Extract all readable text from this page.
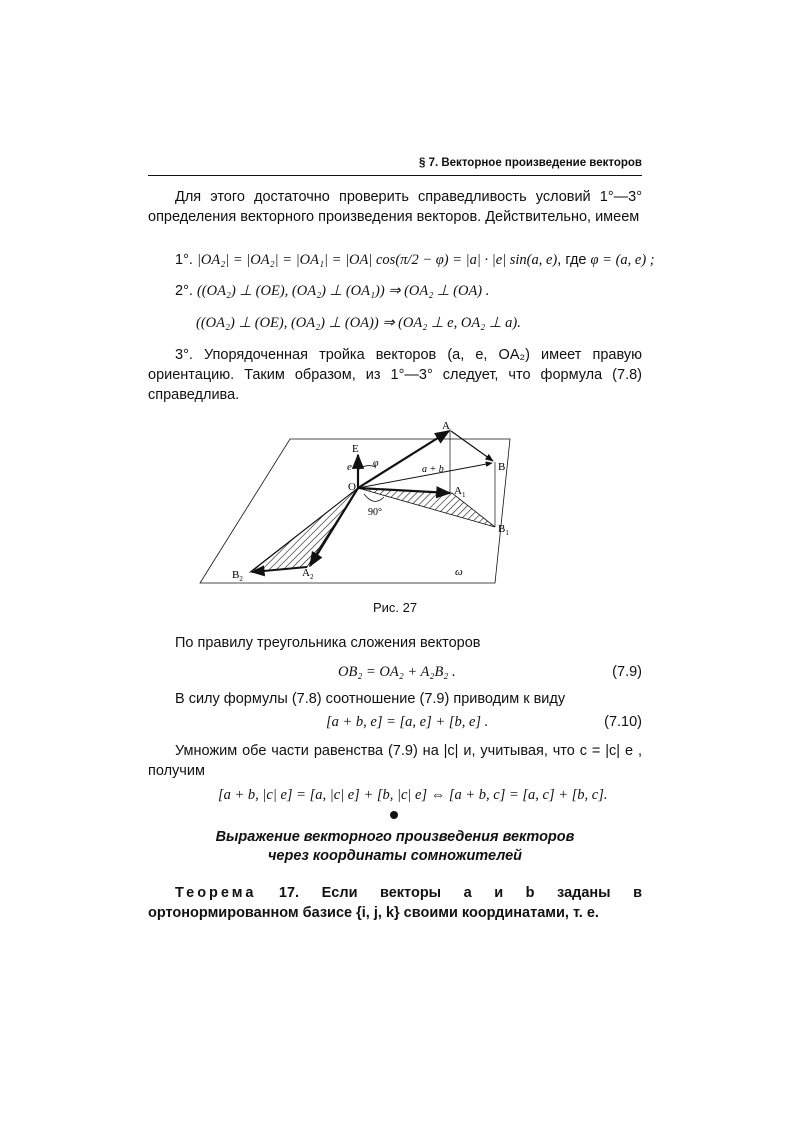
§ 7. Векторное произведение векторов
Для этого достаточно проверить справедливость условий 1°—3° определения векторного произведения векторов. Действительно, имеем
1°. |OA₂| = |OA₂| = |OA₁| = |OA| cos(π/2 − φ) = |a| · |e| sin(a, e), где φ = (a, e) ;
2°. ((OA₂) ⊥ (OE), (OA₂) ⊥ (OA₁)) ⇒ (OA₂ ⊥ (OA) .
((OA₂) ⊥ (OE), (OA₂) ⊥ (OA)) ⇒ (OA₂ ⊥ e, OA₂ ⊥ a).
3°. Упорядоченная тройка векторов (a, e, OA₂) имеет правую ориентацию. Таким образом, из 1°—3° следует, что формула (7.8) справедлива.
A
B
E
O	$A_1$
$B_1$
$A_2$
$B_2$
e φ
a + b
90°
ω
Рис. 27
По правилу треугольника сложения векторов
OB₂ = OA₂ + A₂B₂ .	(7.9)
В силу формулы (7.8) соотношение (7.9) приводим к виду
[a + b, e] = [a, e] + [b, e] .	(7.10)
Умножим обе части равенства (7.9) на |c| и, учитывая, что c = |c| e , получим
[a + b, |c| e] = [a, |c| e] + [b, |c| e] ⇔ [a + b, c] = [a, c] + [b, c].
Выражение векторного произведения векторов
через координаты сомножителей
Теорема 17. Если векторы a и b заданы в ортонормированном базисе {i, j, k} своими координатами, т. е.
